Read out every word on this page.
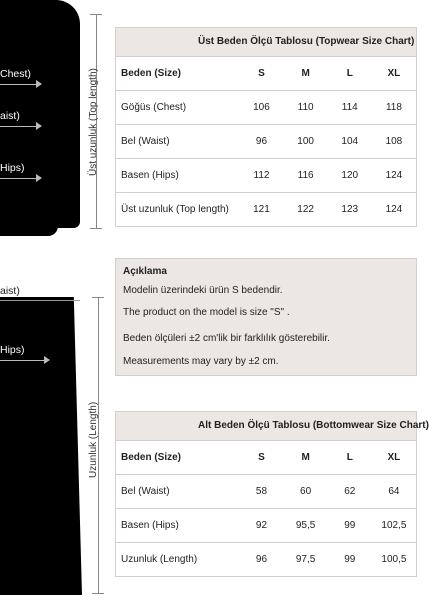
Chest)
aist)
Hips)	Üst uzunluk (Top length)
aist)
Hips)
Uzunluk (Length)
Üst Beden Ölçü Tablosu (Topwear Size Chart)
Beden (Size)	S	M	L	XL
Göğüs (Chest)	106	110	114	118
Bel (Waist)	96	100	104	108
Basen (Hips)	112	116	120	124
Üst uzunluk (Top length)	121	122	123	124
Açıklama
Modelin üzerindeki ürün S bedendir.
The product on the model is size "S" .
Beden ölçüleri ±2 cm'lik bir farklılık gösterebilir.
Measurements may vary by ±2 cm.
Alt Beden Ölçü Tablosu (Bottomwear Size Chart)
Beden (Size)	S	M	L	XL
Bel (Waist)	58	60	62	64
Basen (Hips)	92	95,5	99	102,5
Uzunluk (Length)	96	97,5	99	100,5
